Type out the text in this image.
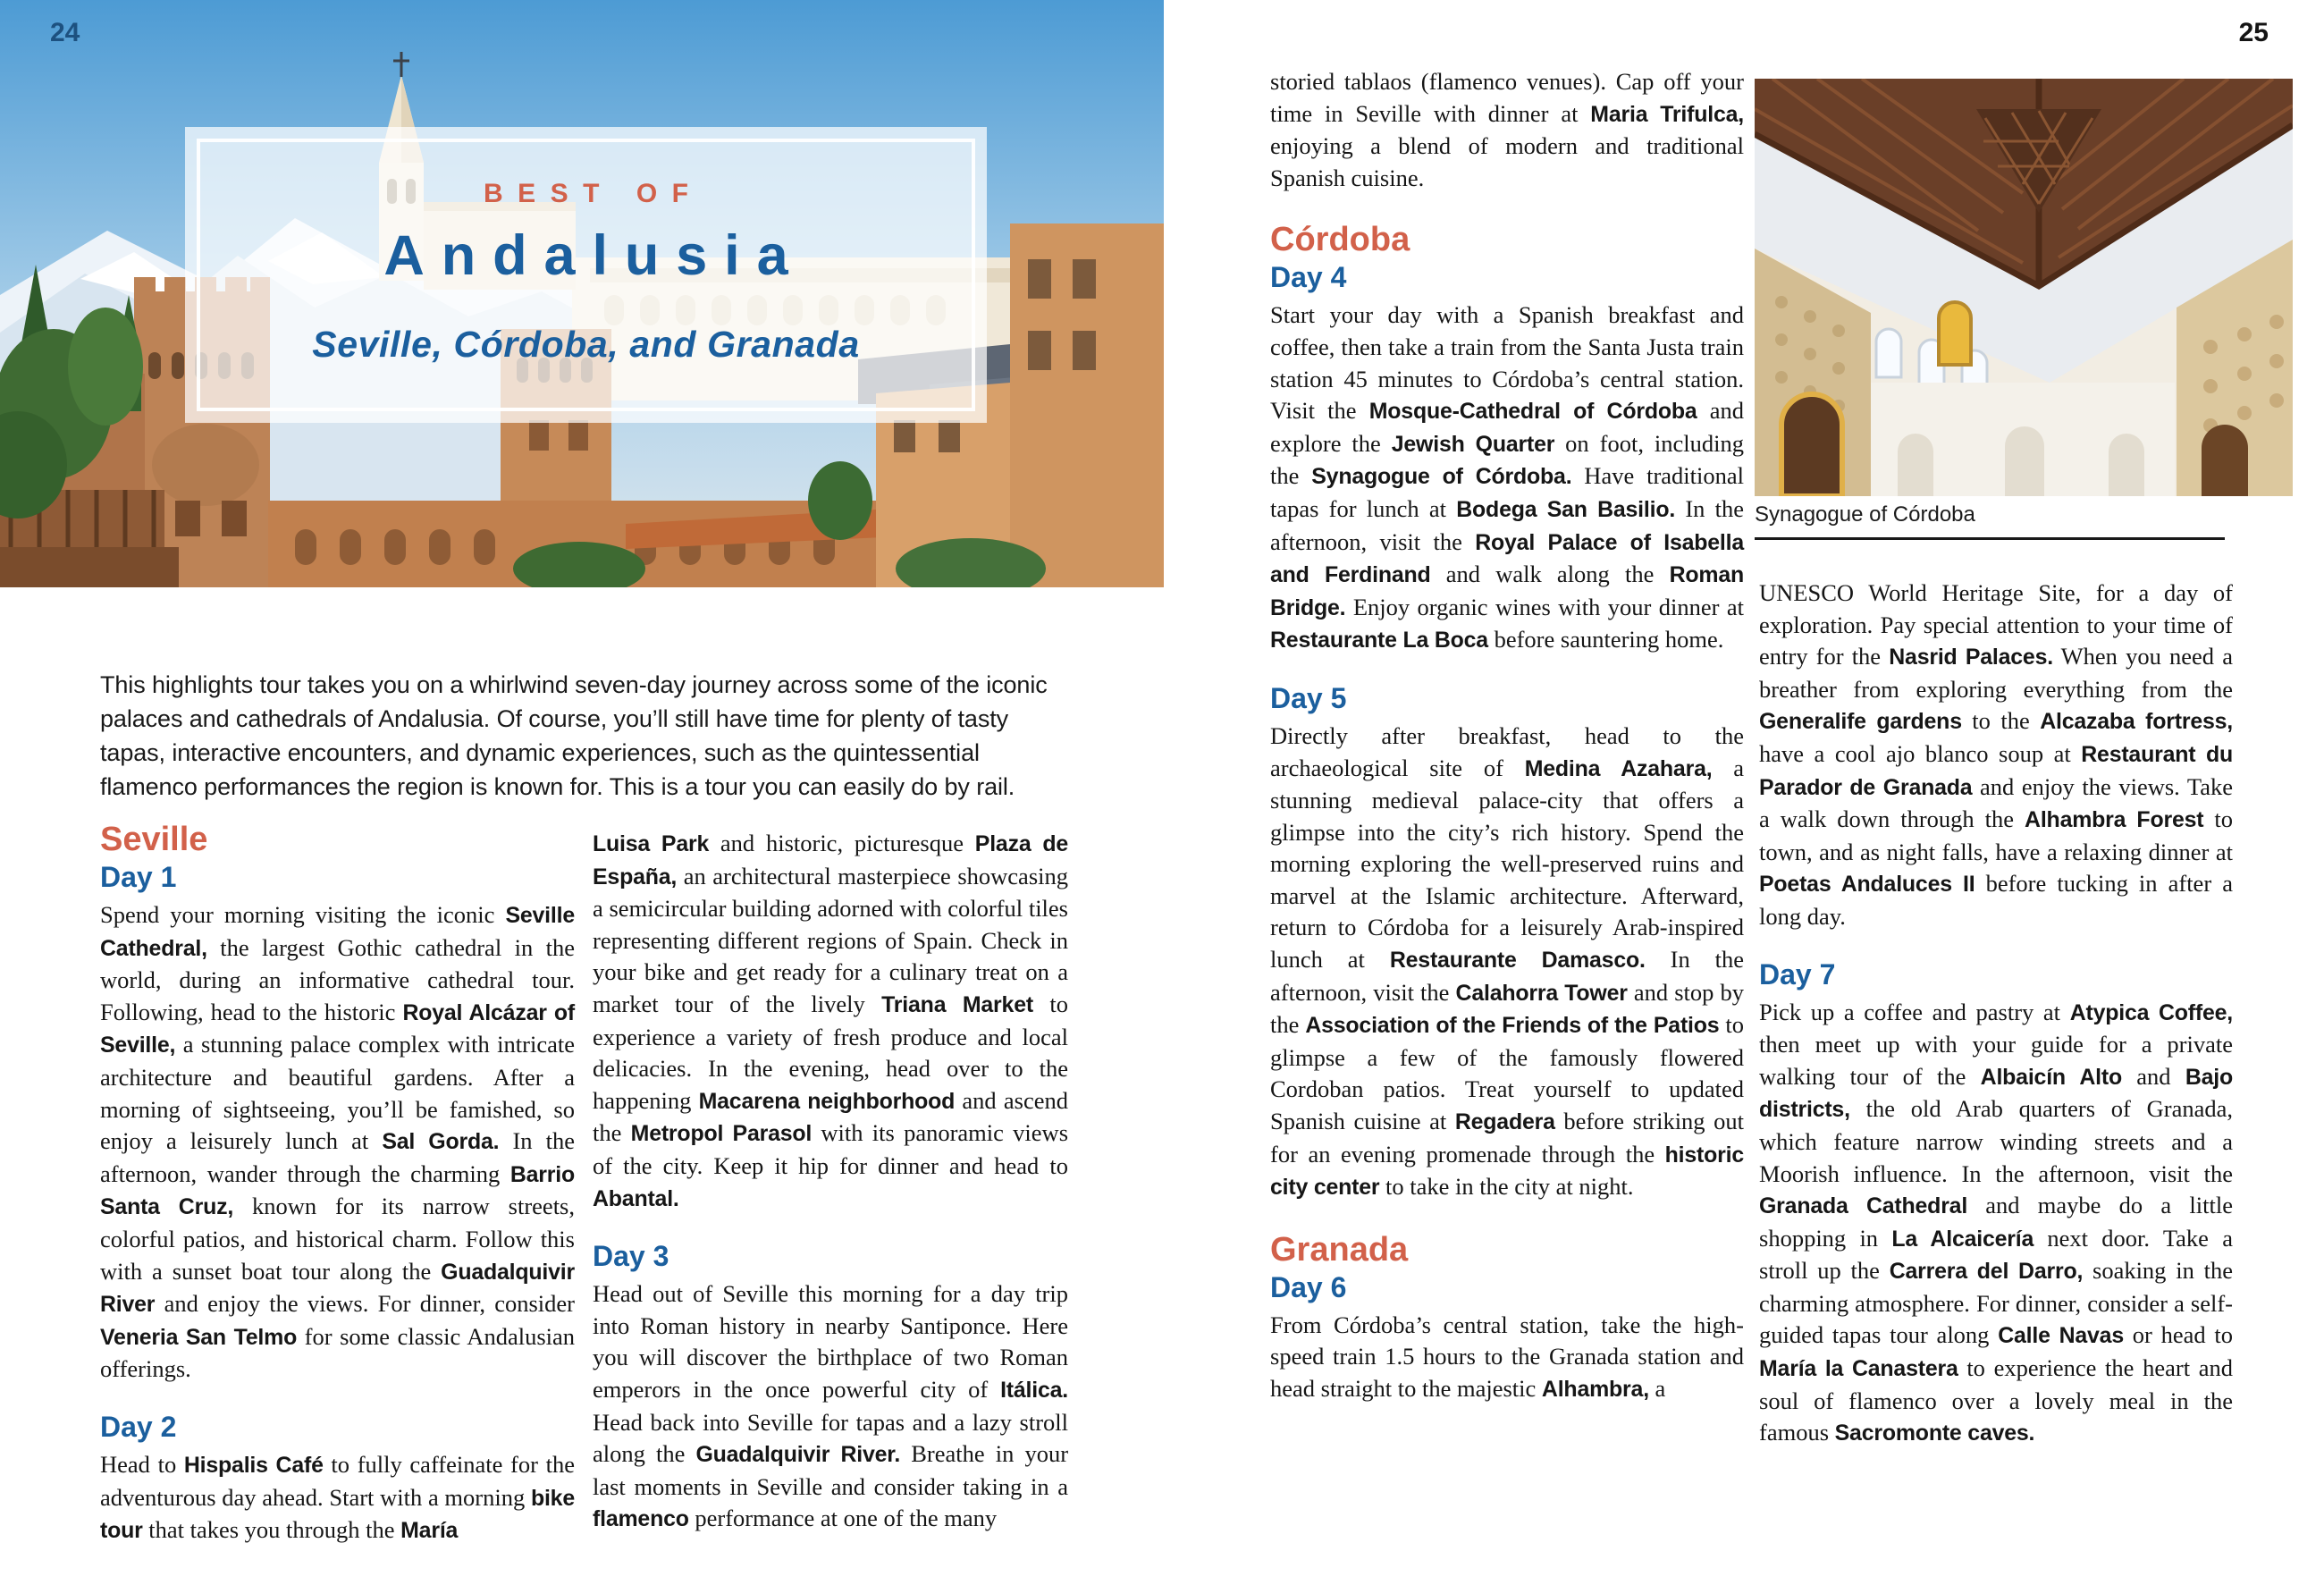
BEST OF
Andalusia
Seville, Córdoba, and Granada
24	25
This highlights tour takes you on a whirlwind seven-day journey across some of the iconic palaces and cathedrals of Andalusia. Of course, you’ll still have time for plenty of tasty tapas, interactive encounters, and dynamic experiences, such as the quintessential flamenco performances the region is known for. This is a tour you can easily do by rail.
Seville
Day 1

Spend your morning visiting the iconic Seville Cathedral, the largest Gothic cathedral in the world, during an informative cathedral tour. Following, head to the historic Royal Alcázar of Seville, a stunning palace complex with intricate architecture and beautiful gardens. After a morning of sightseeing, you’ll be famished, so enjoy a leisurely lunch at Sal Gorda. In the afternoon, wander through the charming Barrio Santa Cruz, known for its narrow streets, colorful patios, and historical charm. Follow this with a sunset boat tour along the Guadalquivir River and enjoy the views. For dinner, consider Veneria San Telmo for some classic Andalusian offerings.

Day 2

Head to Hispalis Café to fully caffeinate for the adventurous day ahead. Start with a morning bike tour that takes you through the María

Luisa Park and historic, picturesque Plaza de España, an architectural masterpiece showcasing a semicircular building adorned with colorful tiles representing different regions of Spain. Check in your bike and get ready for a culinary treat on a market tour of the lively Triana Market to experience a variety of fresh produce and local delicacies. In the evening, head over to the happening Macarena neighborhood and ascend the Metropol Parasol with its panoramic views of the city. Keep it hip for dinner and head to Abantal.

Day 3

Head out of Seville this morning for a day trip into Roman history in nearby Santiponce. Here you will discover the birthplace of two Roman emperors in the once powerful city of Itálica. Head back into Seville for tapas and a lazy stroll along the Guadalquivir River. Breathe in your last moments in Seville and consider taking in a flamenco performance at one of the many

storied tablaos (flamenco venues). Cap off your time in Seville with dinner at Maria Trifulca, enjoying a blend of modern and traditional Spanish cuisine.

Córdoba
Day 4

Start your day with a Spanish breakfast and coffee, then take a train from the Santa Justa train station 45 minutes to Córdoba’s central station. Visit the Mosque-Cathedral of Córdoba and explore the Jewish Quarter on foot, including the Synagogue of Córdoba. Have traditional tapas for lunch at Bodega San Basilio. In the afternoon, visit the Royal Palace of Isabella and Ferdinand and walk along the Roman Bridge. Enjoy organic wines with your dinner at Restaurante La Boca before sauntering home.

Day 5

Directly after breakfast, head to the archaeological site of Medina Azahara, a stunning medieval palace-city that offers a glimpse into the city’s rich history. Spend the morning exploring the well-preserved ruins and marvel at the Islamic architecture. Afterward, return to Córdoba for a leisurely Arab-inspired lunch at Restaurante Damasco. In the afternoon, visit the Calahorra Tower and stop by the Association of the Friends of the Patios to glimpse a few of the famously flowered Cordoban patios. Treat yourself to updated Spanish cuisine at Regadera before striking out for an evening promenade through the historic city center to take in the city at night.

Granada
Day 6

From Córdoba’s central station, take the high-speed train 1.5 hours to the Granada station and head straight to the majestic Alhambra, a

UNESCO World Heritage Site, for a day of exploration. Pay special attention to your time of entry for the Nasrid Palaces. When you need a breather from exploring everything from the Generalife gardens to the Alcazaba fortress, have a cool ajo blanco soup at Restaurant du Parador de Granada and enjoy the views. Take a walk down through the Alhambra Forest to town, and as night falls, have a relaxing dinner at Poetas Andaluces II before tucking in after a long day.

Day 7

Pick up a coffee and pastry at Atypica Coffee, then meet up with your guide for a private walking tour of the Albaicín Alto and Bajo districts, the old Arab quarters of Granada, which feature narrow winding streets and a Moorish influence. In the afternoon, visit the Granada Cathedral and maybe do a little shopping in La Alcaicería next door. Take a stroll up the Carrera del Darro, soaking in the charming atmosphere. For dinner, consider a self-guided tapas tour along Calle Navas or head to María la Canastera to experience the heart and soul of flamenco over a lovely meal in the famous Sacromonte caves.

Synagogue of Córdoba
